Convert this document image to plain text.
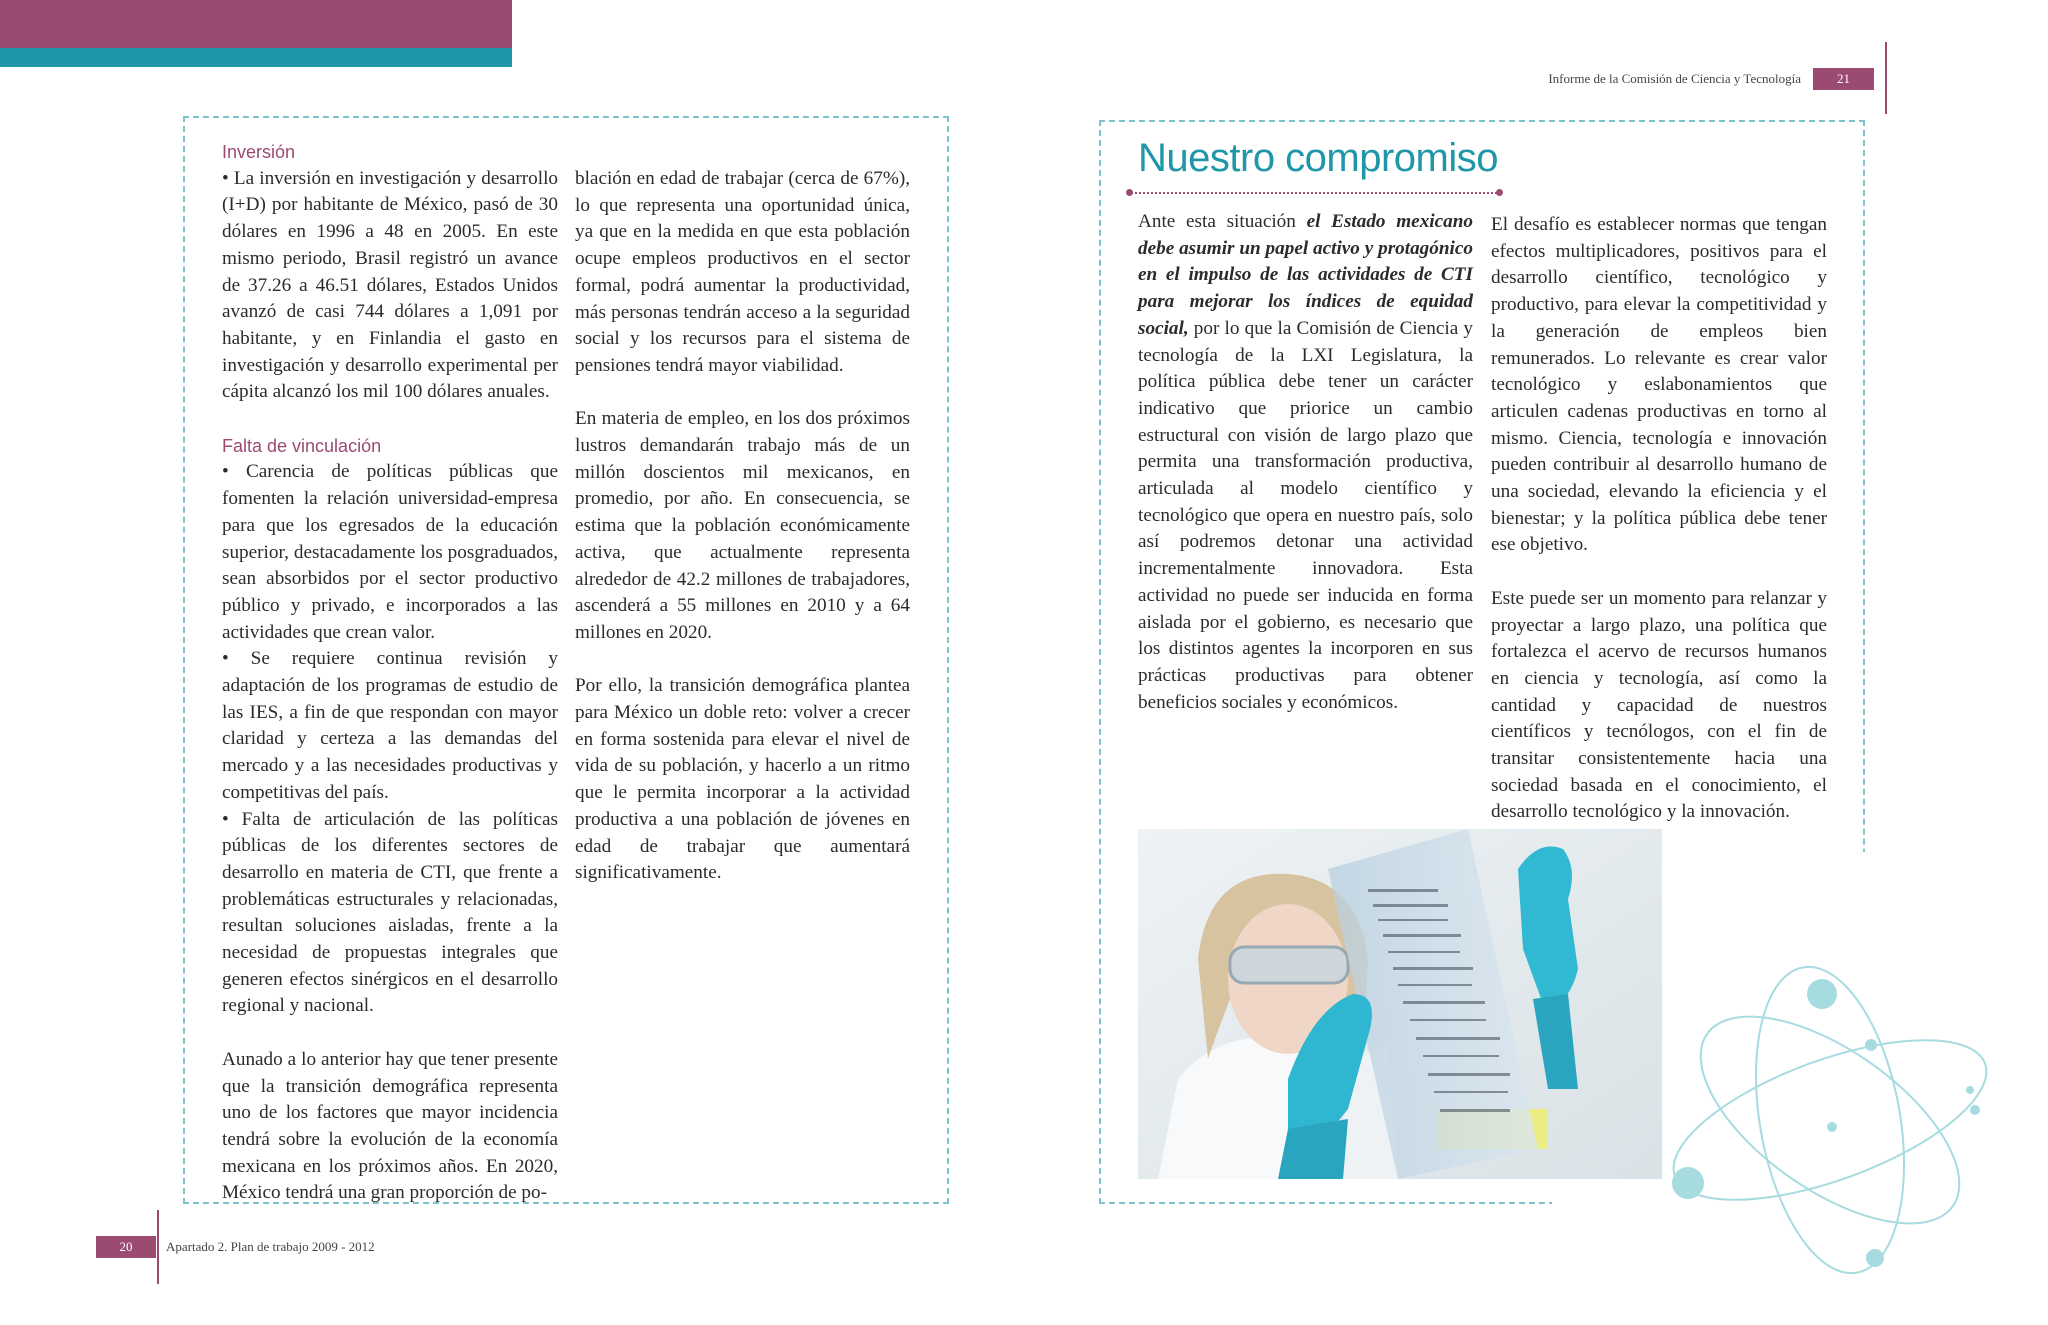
Informe de la Comisión de Ciencia y Tecnología	21
Inversión

• La inversión en investigación y desarrollo (I+D) por habitante de México, pasó de 30 dólares en 1996 a 48 en 2005. En este mismo periodo, Brasil registró un avance de 37.26 a 46.51 dólares, Estados Unidos avanzó de casi 744 dólares a 1,091 por habitante, y en Finlandia el gasto en investigación y desarrollo experimental per cápita alcanzó los mil 100 dólares anuales.

Falta de vinculación

• Carencia de políticas públicas que fomenten la relación universidad-empresa para que los egresados de la educación superior, destacadamente los posgraduados, sean absorbidos por el sector productivo público y privado, e incorporados a las actividades que crean valor.

• Se requiere continua revisión y adaptación de los programas de estudio de las IES, a fin de que respondan con mayor claridad y certeza a las demandas del mercado y a las necesidades productivas y competitivas del país.

• Falta de articulación de las políticas públicas de los diferentes sectores de desarrollo en materia de CTI, que frente a problemáticas estructurales y relacionadas, resultan soluciones aisladas, frente a la necesidad de propuestas integrales que generen efectos sinérgicos en el desarrollo regional y nacional.

Aunado a lo anterior hay que tener presente que la transición demográfica representa uno de los factores que mayor incidencia tendrá sobre la evolución de la economía mexicana en los próximos años. En 2020, México tendrá una gran proporción de po-

blación en edad de trabajar (cerca de 67%), lo que representa una oportunidad única, ya que en la medida en que esta población ocupe empleos productivos en el sector formal, podrá aumentar la productividad, más personas tendrán acceso a la seguridad social y los recursos para el sistema de pensiones tendrá mayor viabilidad.

En materia de empleo, en los dos próximos lustros demandarán trabajo más de un millón doscientos mil mexicanos, en promedio, por año. En consecuencia, se estima que la población económicamente activa, que actualmente representa alrededor de 42.2 millones de trabajadores, ascenderá a 55 millones en 2010 y a 64 millones en 2020.

Por ello, la transición demográfica plantea para México un doble reto: volver a crecer en forma sostenida para elevar el nivel de vida de su población, y hacerlo a un ritmo que le permita incorporar a la actividad productiva a una población de jóvenes en edad de trabajar que aumentará significativamente.

Nuestro compromiso

Ante esta situación el Estado mexicano debe asumir un papel activo y protagónico en el impulso de las actividades de CTI para mejorar los índices de equidad social, por lo que la Comisión de Ciencia y tecnología de la LXI Legislatura, la política pública debe tener un carácter indicativo que priorice un cambio estructural con visión de largo plazo que permita una transformación productiva, articulada al modelo científico y tecnológico que opera en nuestro país, solo así podremos detonar una actividad incrementalmente innovadora. Esta actividad no puede ser inducida en forma aislada por el gobierno, es necesario que los distintos agentes la incorporen en sus prácticas productivas para obtener beneficios sociales y económicos.

El desafío es establecer normas que tengan efectos multiplicadores, positivos para el desarrollo científico, tecnológico y productivo, para elevar la competitividad y la generación de empleos bien remunerados. Lo relevante es crear valor tecnológico y eslabonamientos que articulen cadenas productivas en torno al mismo. Ciencia, tecnología e innovación pueden contribuir al desarrollo humano de una sociedad, elevando la eficiencia y el bienestar; y la política pública debe tener ese objetivo.

Este puede ser un momento para relanzar y proyectar a largo plazo, una política que fortalezca el acervo de recursos humanos en ciencia y tecnología, así como la cantidad y capacidad de nuestros científicos y tecnólogos, con el fin de transitar consistentemente hacia una sociedad basada en el conocimiento, el desarrollo tecnológico y la innovación.

20	Apartado 2. Plan de trabajo 2009 - 2012
